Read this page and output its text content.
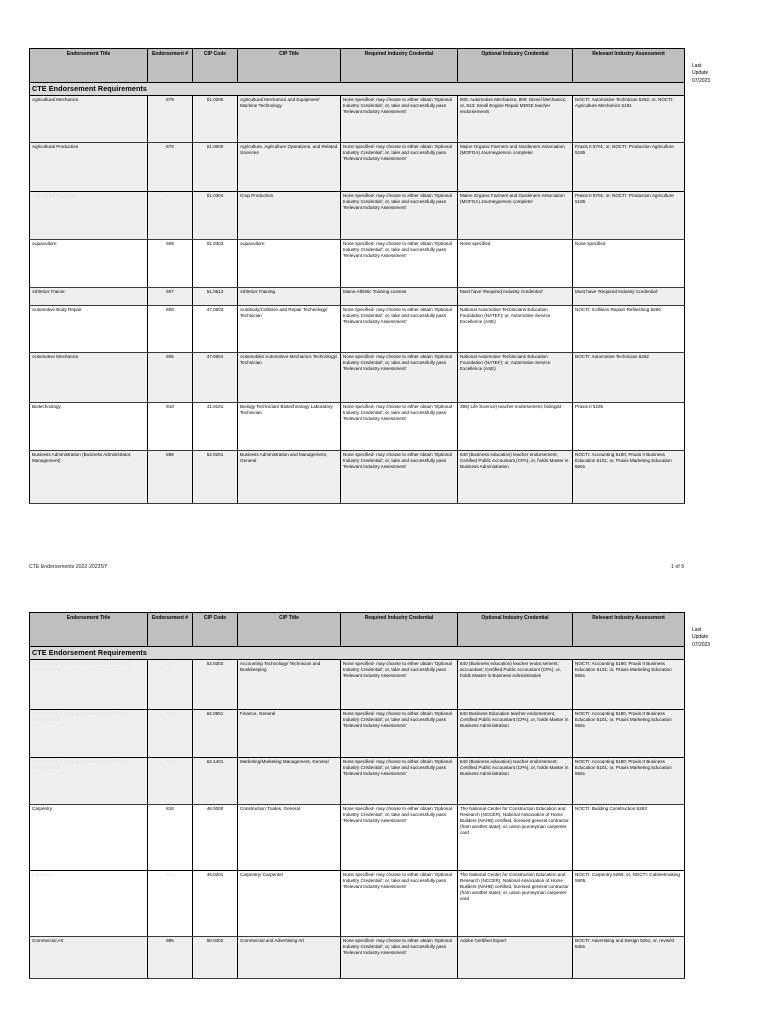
CTE Endorsement Requirements						
Endorsement Title	Endorsement #	CIP Code	CIP Title	Required Industry Credential	Optional Industry Credential	Relevant Industry Assessment
Agricultural Mechanics	879	01.0205	Agricultural Mechanics and Equipment/ Machine Technology	None specified- may choose to either obtain 'Optional Industry Credential'; or, take and successfully pass 'Relevant Industry Assessment'	805: Automotive Mechanics, 809: Diesel Mechanics; or, 813: Small Engine Repair MDOE teacher endorsements	NOCTI: Automotive Technician 5262; or, NOCTI: Agriculture Mechanics 5181
Agricultural Production	870	01.0000	Agriculture, Agriculture Operations, and Related Sciences	None specified- may choose to either obtain 'Optional Industry Credential'; or, take and successfully pass 'Relevant Industry Assessment'	Maine Organic Farmers and Gardeners Association (MOFGA) Journeyperson completer	Praxis II 5701; or, NOCTI: Production Agriculture 5185
Agricultural Production	870	01.0304	Crop Production	None specified- may choose to either obtain 'Optional Industry Credential'; or, take and successfully pass 'Relevant Industry Assessment'	Maine Organic Farmers and Gardeners Association (MOFGA) Journeyperson completer	Praxis II 5701; or, NOCTI: Production Agriculture 5185
Aquaculture	909	01.0303	Aquaculture	None specified- may choose to either obtain 'Optional Industry Credential'; or, take and successfully pass 'Relevant Industry Assessment'	None specified	None specified
Athletics Trainer	907	51.0913	Athletics Training	Maine Athletic Training License	Must have 'Required Industry Credential'	Must have 'Required Industry Credential'
Automotive Body Repair	808	47.0603	Autobody/Collision and Repair Technology/ Technician	None specified- may choose to either obtain 'Optional Industry Credential'; or, take and successfully pass 'Relevant Industry Assessment'	National Automotive Technicians Education Foundation (NATEF); or, Automotive Service Excellence (ASE)	NOCTI: Collision Repair/ Refinishing 5266
Automotive Mechanics	805	47.0604	Automobile/ Automotive Mechanics Technology/ Technician	None specified- may choose to either obtain 'Optional Industry Credential'; or, take and successfully pass 'Relevant Industry Assessment'	National Automotive Technicians Education Foundation (NATEF); or, Automotive Service Excellence (ASE)	NOCTI: Automotive Technician 5262
Biotechnology	910	41.0101	Biology Technician/ Biotechnology Laboratory Technician	None specified- may choose to either obtain 'Optional Industry Credential'; or, take and successfully pass 'Relevant Industry Assessment'	395( Life Science) teacher endorsement; biologist	Praxis II 5235
Business Administration (Business Administrator, Management)	898	52.0201	Business Administration and Management, General	None specified- may choose to either obtain 'Optional Industry Credential'; or, take and successfully pass 'Relevant Industry Assessment'	640 (Business education) teacher endorsement; Certified Public Accountant (CPA); or, holds Master in Business Administration	NOCTI: Accounting 5180; Praxis II Business Education 5101; or, Praxis Marketing Education 5561
Last
Update
07/2023
CTE Endorsements 2022-2023SY	1 of 9
CTE Endorsement Requirements						
Endorsement Title	Endorsement #	CIP Code	CIP Title	Required Industry Credential	Optional Industry Credential	Relevant Industry Assessment
Business Administration (Business Administrator, Management)	898	52.0302	Accounting Technology/ Technician and Bookkeeping	None specified- may choose to either obtain 'Optional Industry Credential'; or, take and successfully pass 'Relevant Industry Assessment'	640 (Business education) teacher endor,sement; accountant; Certified Public Accountant (CPA), or, holds Master in Business Administration	NOCTI: Accounting 5180; Praxis II Business Education 5101; or, Praxis Marketing Education 5561
Business Administration (Business Administrator, Management)	898	52.0801	Finance, General	None specified- may choose to either obtain 'Optional Industry Credential'; or, take and successfully pass 'Relevant Industry Assessment'	640 Business Education teacher endorsement, Certified Public Accountant (CPA); or, holds Master in Business Administration	NOCTI: Accounting 5180, Praxis II Business Education 5101; or, Praxis Marketing Education 5561
Business Administration (Business Administrator, Management)	898	52.1401	Marketing/Marketing Management, General	None specified- may choose to either obtain 'Optional Industry Credential'; or, take and successfully pass 'Relevant Industry Assessment'	640 (Business education) teacher endorsement; Certified Public Accountant (CPA); or, holds Master in Business Administration	NOCTI: Accounting 5180; Praxis II Business Education 5101; or, Praxis Marketing Education 5561
Carpentry	810	46.0000	Construction Trades, General	None specified- may choose to either obtain 'Optional Industry Credential'; or, take and successfully pass 'Relevant Industry Assessment'	The National Center for Construction Education and Research (NCCER), National Association of Home Builders (NAHB) certified, licensed general contractor (from another state); or, union journeyman carpenter card	NOCTI: Building Construction 5263
Carpentry	810	46.0201	Carpentry/ Carpenter	None specified- may choose to either obtain 'Optional Industry Credential'; or, take and successfully pass 'Relevant Industry Assessment'	The National Center for Construction Education and Research (NCCER), National Association of Home Builders (NAHB) certified, licensed general contractor (from another state); or, union journeyman carpenter card	NOCTI: Carpentry 5265; or, NOCTI: Cabinetmaking 5905,
Commercial Art	885	50.0402	Commercial and Advertising Art	None specified- may choose to either obtain 'Optional Industry Credential'; or, take and successfully pass 'Relevant Industry Assessment'	Adobe Certified Expert	NOCTI: Advertising and Design 5261; or, revised 5361
Last
Update
07/2023
